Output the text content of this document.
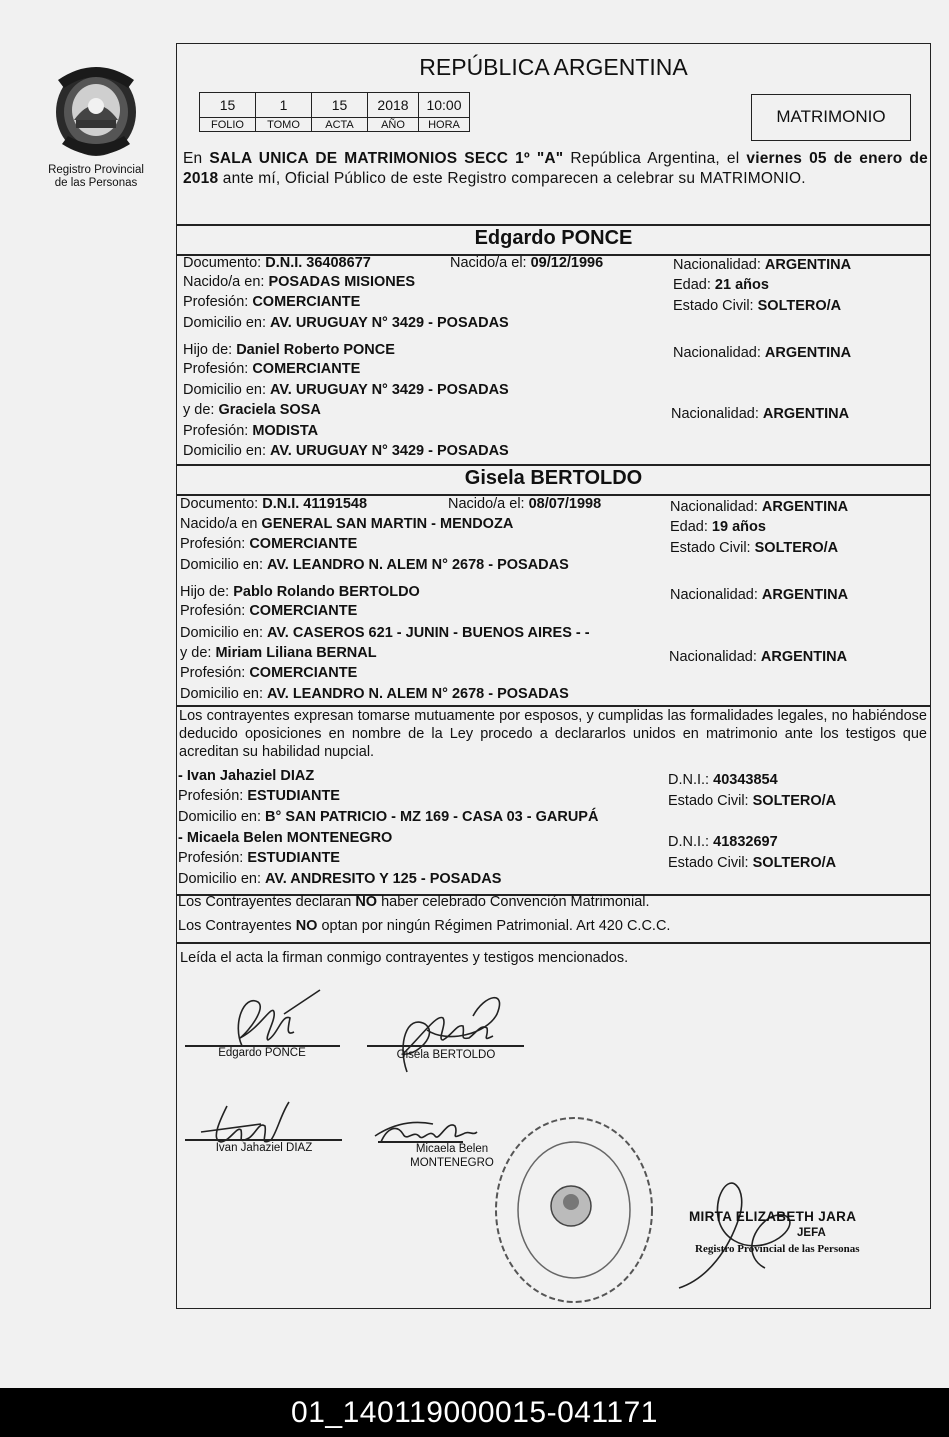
Registro Provincial
de las Personas
REPÚBLICA ARGENTINA
15	1	15	2018	10:00
FOLIO	TOMO	ACTA	AÑO	HORA	MATRIMONIO
En SALA UNICA DE MATRIMONIOS SECC 1º "A" República Argentina, el viernes 05 de enero de 2018 ante mí, Oficial Público de este Registro comparecen a celebrar su MATRIMONIO.
Edgardo PONCE
Documento: D.N.I. 36408677	Nacido/a el: 09/12/1996	Nacionalidad: ARGENTINA
Nacido/a en: POSADAS MISIONES	Edad: 21 años
Profesión: COMERCIANTE	Estado Civil: SOLTERO/A
Domicilio en: AV. URUGUAY N° 3429 - POSADAS
Hijo de: Daniel Roberto PONCE	Nacionalidad: ARGENTINA
Profesión: COMERCIANTE
Domicilio en: AV. URUGUAY N° 3429 - POSADAS
y de: Graciela SOSA	Nacionalidad: ARGENTINA
Profesión: MODISTA
Domicilio en: AV. URUGUAY N° 3429 - POSADAS
Gisela BERTOLDO
Documento: D.N.I. 41191548	Nacido/a el: 08/07/1998	Nacionalidad: ARGENTINA
Nacido/a en GENERAL SAN MARTIN - MENDOZA	Edad: 19 años
Profesión: COMERCIANTE	Estado Civil: SOLTERO/A
Domicilio en: AV. LEANDRO N. ALEM N° 2678 - POSADAS
Hijo de: Pablo Rolando BERTOLDO	Nacionalidad: ARGENTINA
Profesión: COMERCIANTE
Domicilio en: AV. CASEROS 621 - JUNIN - BUENOS AIRES - -
y de: Miriam Liliana BERNAL	Nacionalidad: ARGENTINA
Profesión: COMERCIANTE
Domicilio en: AV. LEANDRO N. ALEM N° 2678 - POSADAS
Los contrayentes expresan tomarse mutuamente por esposos, y cumplidas las formalidades legales, no habiéndose deducido oposiciones en nombre de la Ley procedo a declararlos unidos en matrimonio ante los testigos que acreditan su habilidad nupcial.
- Ivan Jahaziel DIAZ	D.N.I.: 40343854
Profesión: ESTUDIANTE	Estado Civil: SOLTERO/A
Domicilio en: B° SAN PATRICIO - MZ 169 - CASA 03 - GARUPÁ
- Micaela Belen MONTENEGRO	D.N.I.: 41832697
Profesión: ESTUDIANTE	Estado Civil: SOLTERO/A
Domicilio en: AV. ANDRESITO Y 125 - POSADAS
Los Contrayentes declaran NO haber celebrado Convención Matrimonial.
Los Contrayentes NO optan por ningún Régimen Patrimonial. Art 420 C.C.C.
Leída el acta la firman conmigo contrayentes y testigos mencionados.
Edgardo PONCE	Gisela BERTOLDO
Ivan Jahaziel DIAZ	Micaela Belen
MONTENEGRO
MIRTA ELIZABETH JARA
JEFA
Registro Provincial de las Personas
01_140119000015-041171
